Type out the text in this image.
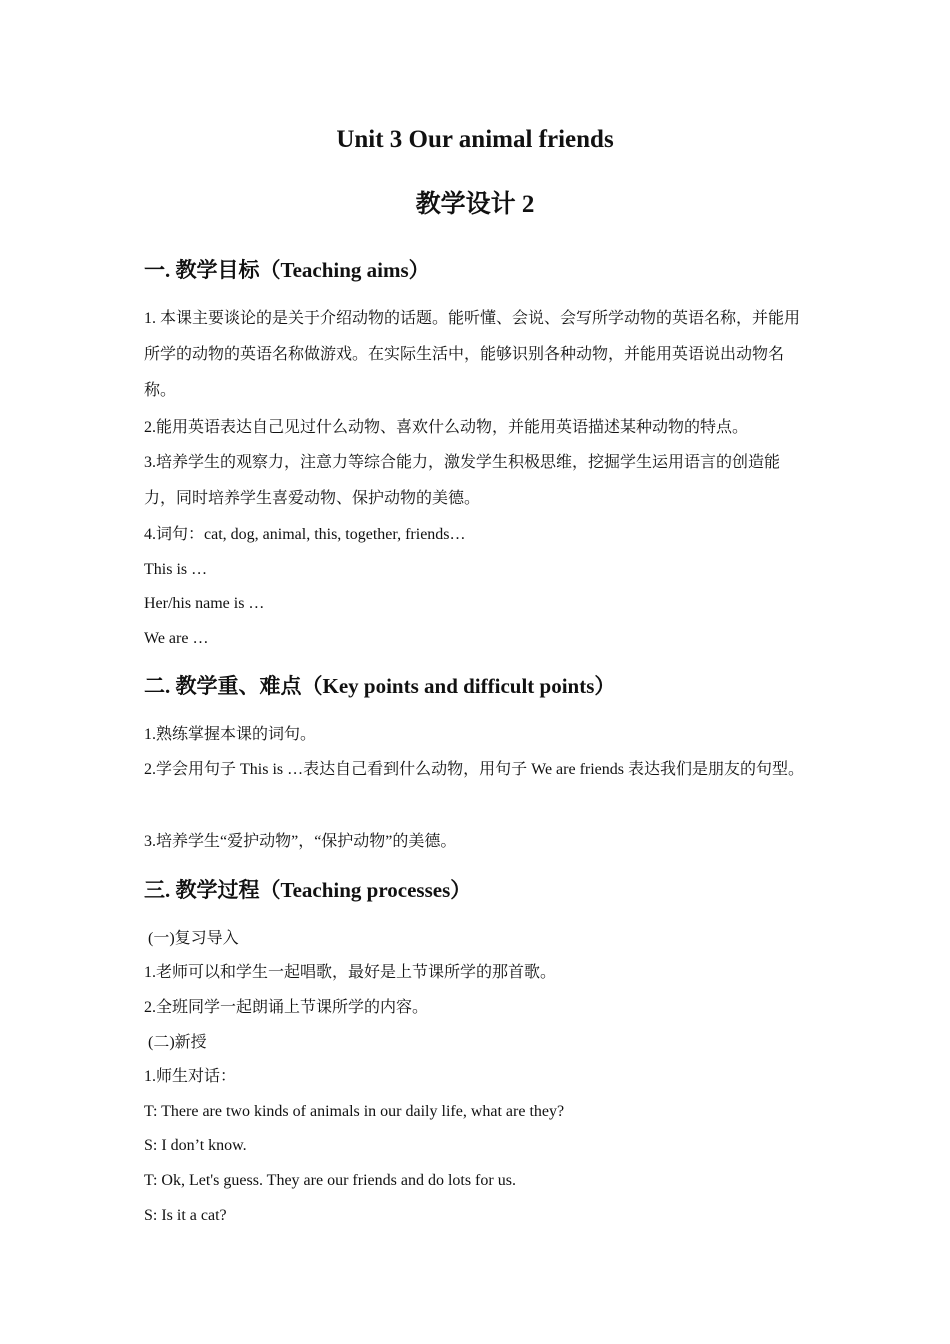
Unit 3 Our animal friends
教学设计 2
一. 教学目标（Teaching aims）
1. 本课主要谈论的是关于介绍动物的话题。能听懂、会说、会写所学动物的英语名称，并能用所学的动物的英语名称做游戏。在实际生活中，能够识别各种动物，并能用英语说出动物名称。
2.能用英语表达自己见过什么动物、喜欢什么动物，并能用英语描述某种动物的特点。
3.培养学生的观察力，注意力等综合能力，激发学生积极思维，挖掘学生运用语言的创造能力，同时培养学生喜爱动物、保护动物的美德。
4.词句：cat, dog, animal, this, together, friends…
This is …
Her/his name is …
We are …
二. 教学重、难点（Key points and difficult points）
1.熟练掌握本课的词句。
2.学会用句子 This is …表达自己看到什么动物，用句子 We are friends 表达我们是朋友的句型。
3.培养学生“爱护动物”，“保护动物”的美德。
三. 教学过程（Teaching processes）
(一)复习导入
1.老师可以和学生一起唱歌，最好是上节课所学的那首歌。
2.全班同学一起朗诵上节课所学的内容。
(二)新授
1.师生对话：
T: There are two kinds of animals in our daily life, what are they?
S: I don’t know.
T: Ok, Let's guess. They are our friends and do lots for us.
S: Is it a cat?
